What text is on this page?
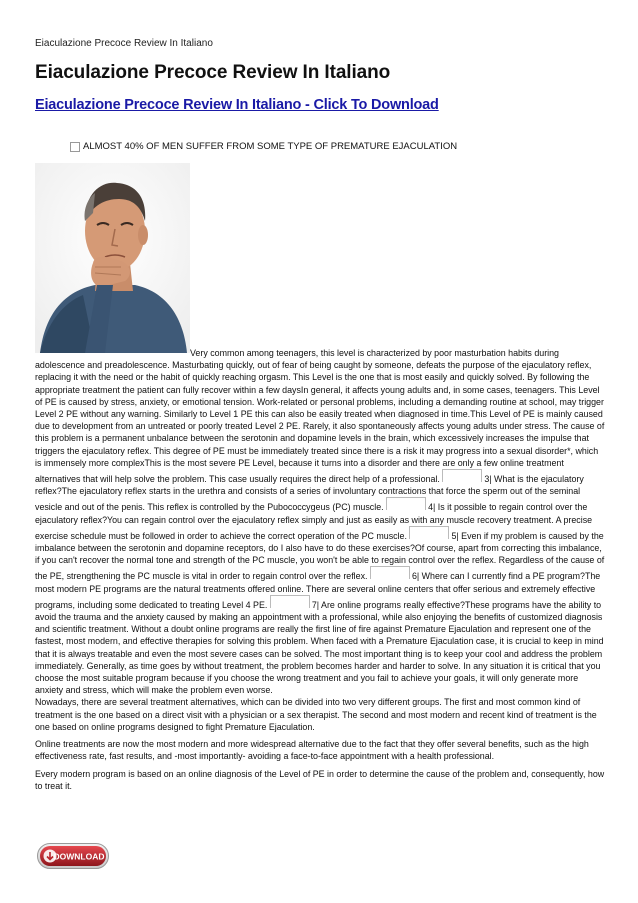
Eiaculazione Precoce Review In Italiano
Eiaculazione Precoce Review In Italiano
Eiaculazione Precoce Review In Italiano - Click To Download
ALMOST 40% OF MEN SUFFER FROM SOME TYPE OF PREMATURE EJACULATION

Very common among teenagers, this level is characterized by poor masturbation habits during adolescence and preadolescence. Masturbating quickly, out of fear of being caught by someone, defeats the purpose of the ejaculatory reflex, replacing it with the need or the habit of quickly reaching orgasm. This Level is the one that is most easily and quickly solved. By following the appropriate treatment the patient can fully recover within a few daysIn general, it affects young adults and, in some cases, teenagers. This Level of PE is caused by stress, anxiety, or emotional tension. Work-related or personal problems, including a demanding routine at school, may trigger Level 2 PE without any warning. Similarly to Level 1 PE this can also be easily treated when diagnosed in time.This Level of PE is mainly caused due to development from an untreated or poorly treated Level 2 PE. Rarely, it also spontaneously affects young adults under stress. The cause of this problem is a permanent unbalance between the serotonin and dopamine levels in the brain, which excessively increases the impulse that triggers the ejaculatory reflex. This degree of PE must be immediately treated since there is a risk it may progress into a sexual disorder*, which is immensely more complexThis is the most severe PE Level, because it turns into a disorder and there are only a few online treatment alternatives that will help solve the problem. This case usually requires the direct help of a professional.	3| What is the ejaculatory reflex?The ejaculatory reflex starts in the urethra and consists of a series of involuntary contractions that force the sperm out of the seminal vesicle and out of the penis. This reflex is controlled by the Pubococcygeus (PC) muscle.	4| Is it possible to regain control over the ejaculatory reflex?You can regain control over the ejaculatory reflex simply and just as easily as with any muscle recovery treatment. A precise exercise schedule must be followed in order to achieve the correct operation of the PC muscle.	5| Even if my problem is caused by the imbalance between the serotonin and dopamine receptors, do I also have to do these exercises?Of course, apart from correcting this imbalance, if you can't recover the normal tone and strength of the PC muscle, you won't be able to regain control over the reflex. Regardless of the cause of the PE, strengthening the PC muscle is vital in order to regain control over the reflex.	6| Where can I currently find a PE program?The most modern PE programs are the natural treatments offered online. There are several online centers that offer serious and extremely effective programs, including some dedicated to treating Level 4 PE.	7| Are online programs really effective?These programs have the ability to avoid the trauma and the anxiety caused by making an appointment with a professional, while also enjoying the benefits of customized diagnosis and scientific treatment. Without a doubt online programs are really the first line of fire against Premature Ejaculation and represent one of the fastest, most modern, and effective therapies for solving this problem. When faced with a Premature Ejaculation case, it is crucial to keep in mind that it is always treatable and even the most severe cases can be solved. The most important thing is to keep your cool and address the problem immediately. Generally, as time goes by without treatment, the problem becomes harder and harder to solve. In any situation it is critical that you choose the most suitable program because if you choose the wrong treatment and you fail to achieve your goals, it will only generate more anxiety and stress, which will make the problem even worse.
Nowadays, there are several treatment alternatives, which can be divided into two very different groups. The first and most common kind of treatment is the one based on a direct visit with a physician or a sex therapist. The second and most modern and recent kind of treatment is the one based on online programs designed to fight Premature Ejaculation.

Online treatments are now the most modern and more widespread alternative due to the fact that they offer several benefits, such as the high effectiveness rate, fast results, and -most importantly- avoiding a face-to-face appointment with a health professional.

Every modern program is based on an online diagnosis of the Level of PE in order to determine the cause of the problem and, consequently, how to treat it.

DOWNLOAD
